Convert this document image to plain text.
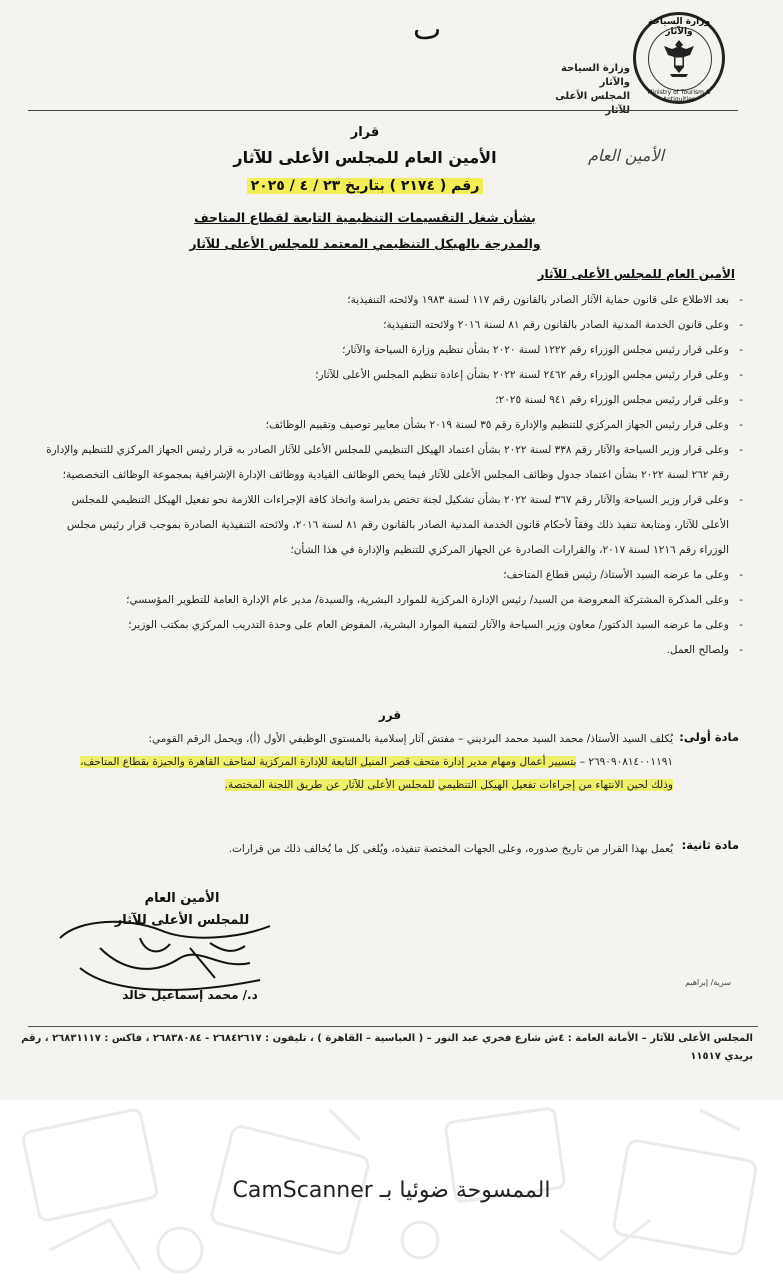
ٮ	وزارة السياحة والآثار
Ministry of Tourism & Antiquities
وزارة السياحة والآثار
المجلس الأعلى للآثار
الأمين العام
قرار
الأمين العام للمجلس الأعلى للآثار
رقم ( ٢١٧٤ ) بتاريخ ٢٣ / ٤ / ٢٠٢٥
بشأن شغل التقسيمات التنظيمية التابعة لقطاع المتاحف
والمدرجة بالهيكل التنظيمي المعتمد للمجلس الأعلى للآثار
الأمين العام للمجلس الأعلى للآثار
-
بعد الاطلاع على قانون حماية الآثار الصادر بالقانون رقم ١١٧ لسنة ١٩٨٣ ولائحته التنفيذية؛
-
وعلى قانون الخدمة المدنية الصادر بالقانون رقم ٨١ لسنة ٢٠١٦ ولائحته التنفيذية؛
-
وعلى قرار رئيس مجلس الوزراء رقم ١٢٢٢ لسنة ٢٠٢٠ بشأن تنظيم وزارة السياحة والآثار؛
-
وعلى قرار رئيس مجلس الوزراء رقم ٢٤٦٢ لسنة ٢٠٢٢ بشأن إعادة تنظيم المجلس الأعلى للآثار؛
-
وعلى قرار رئيس مجلس الوزراء رقم ٩٤١ لسنة ٢٠٢٥؛
-
وعلى قرار رئيس الجهاز المركزي للتنظيم والإدارة رقم ٣٥ لسنة ٢٠١٩ بشأن معايير توصيف وتقييم الوظائف؛
-
وعلى قرار وزير السياحة والآثار رقم ٣٣٨ لسنة ٢٠٢٢ بشأن اعتماد الهيكل التنظيمي للمجلس الأعلى للآثار الصادر به قرار رئيس الجهاز المركزي للتنظيم والإدارة رقم ٢٦٢ لسنة ٢٠٢٢ بشأن اعتماد جدول وظائف المجلس الأعلى للآثار فيما يخص الوظائف القيادية ووظائف الإدارة الإشرافية بمجموعة الوظائف التخصصية؛
-
وعلى قرار وزير السياحة والآثار رقم ٣٦٧ لسنة ٢٠٢٢ بشأن تشكيل لجنة تختص بدراسة واتخاذ كافة الإجراءات اللازمة نحو تفعيل الهيكل التنظيمي للمجلس الأعلى للآثار، ومتابعة تنفيذ ذلك وفقاً لأحكام قانون الخدمة المدنية الصادر بالقانون رقم ٨١ لسنة ٢٠١٦، ولائحته التنفيذية الصادرة بموجب قرار رئيس مجلس الوزراء رقم ١٢١٦ لسنة ٢٠١٧، والقرارات الصادرة عن الجهاز المركزي للتنظيم والإدارة في هذا الشأن؛
-
وعلى ما عرضه السيد الأستاذ/ رئيس قطاع المتاحف؛
-
وعلى المذكرة المشتركة المعروضة من السيد/ رئيس الإدارة المركزية للموارد البشرية، والسيدة/ مدير عام الإدارة العامة للتطوير المؤسسي؛
-
وعلى ما عرضه السيد الدكتور/ معاون وزير السياحة والآثار لتنمية الموارد البشرية، المفوض العام على وحدة التدريب المركزي بمكتب الوزير؛
-
ولصالح العمل.
قرر
مادة أولى:
يُكلف السيد الأستاذ/ محمد السيد محمد البرديني – مفتش آثار إسلامية بالمستوى الوظيفي الأول (أ)، ويحمل الرقم القومي: ٢٦٩٠٩٠٨١٤٠٠١١٩١ – بتسيير أعمال ومهام مدير إدارة متحف قصر المنيل التابعة للإدارة المركزية لمتاحف القاهرة والجيزة بقطاع المتاحف، وذلك لحين الانتهاء من إجراءات تفعيل الهيكل التنظيمي للمجلس الأعلى للآثار عن طريق اللجنة المختصة.
مادة ثانية:
يُعمل بهذا القرار من تاريخ صدوره، وعلى الجهات المختصة تنفيذه، ويُلغى كل ما يُخالف ذلك من قرارات.
الأمين العام
للمجلس الأعلى للآثار
د./ محمد إسماعيل خالد
سرية/ إبراهيم
المجلس الأعلى للآثار – الأمانة العامة : ٤ش شارع فخري عبد النور – ( العباسية – القاهرة ) ، تليفون : ٢٦٨٤٢٦١٧ - ٢٦٨٣٨٠٨٤ ، فاكس : ٢٦٨٣١١١٧ ، رقم بريدي ١١٥١٧
الممسوحة ضوئيا بـ CamScanner
